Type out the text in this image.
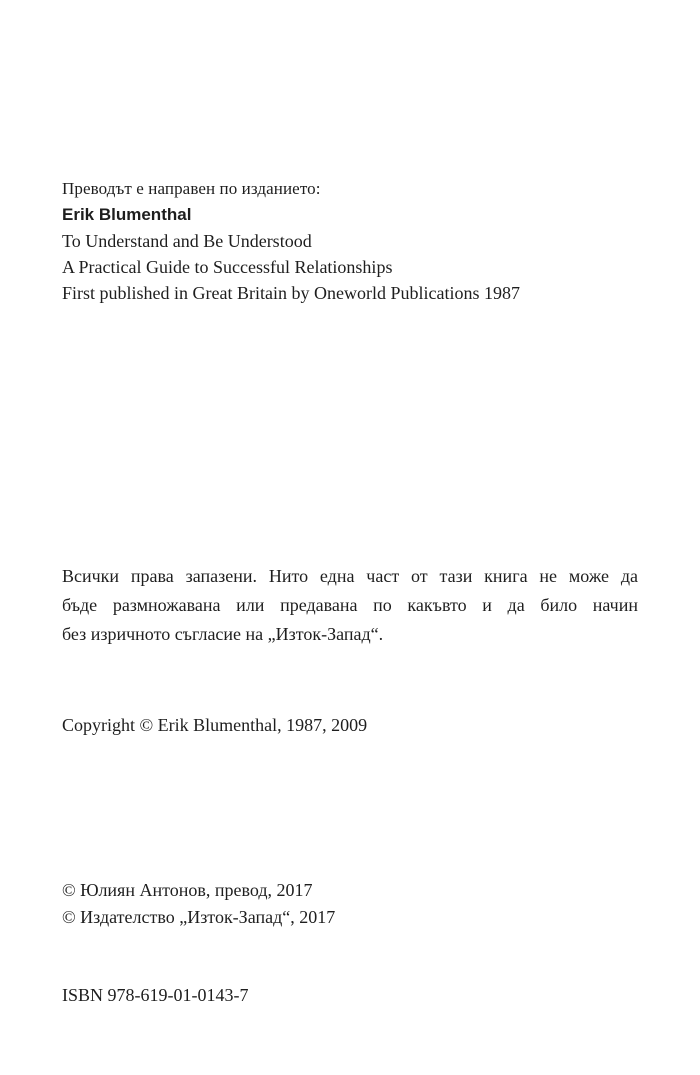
Преводът е направен по изданието:
Erik Blumenthal
To Understand and Be Understood
A Practical Guide to Successful Relationships
First published in Great Britain by Oneworld Publications 1987
Всички права запазени. Нито една част от тази книга не може да
бъде размножавана или предавана по какъвто и да било начин
без изричното съгласие на „Изток-Запад“.
Copyright © Erik Blumenthal, 1987, 2009
© Юлиян Антонов, превод, 2017
© Издателство „Изток-Запад“, 2017
ISBN 978-619-01-0143-7
